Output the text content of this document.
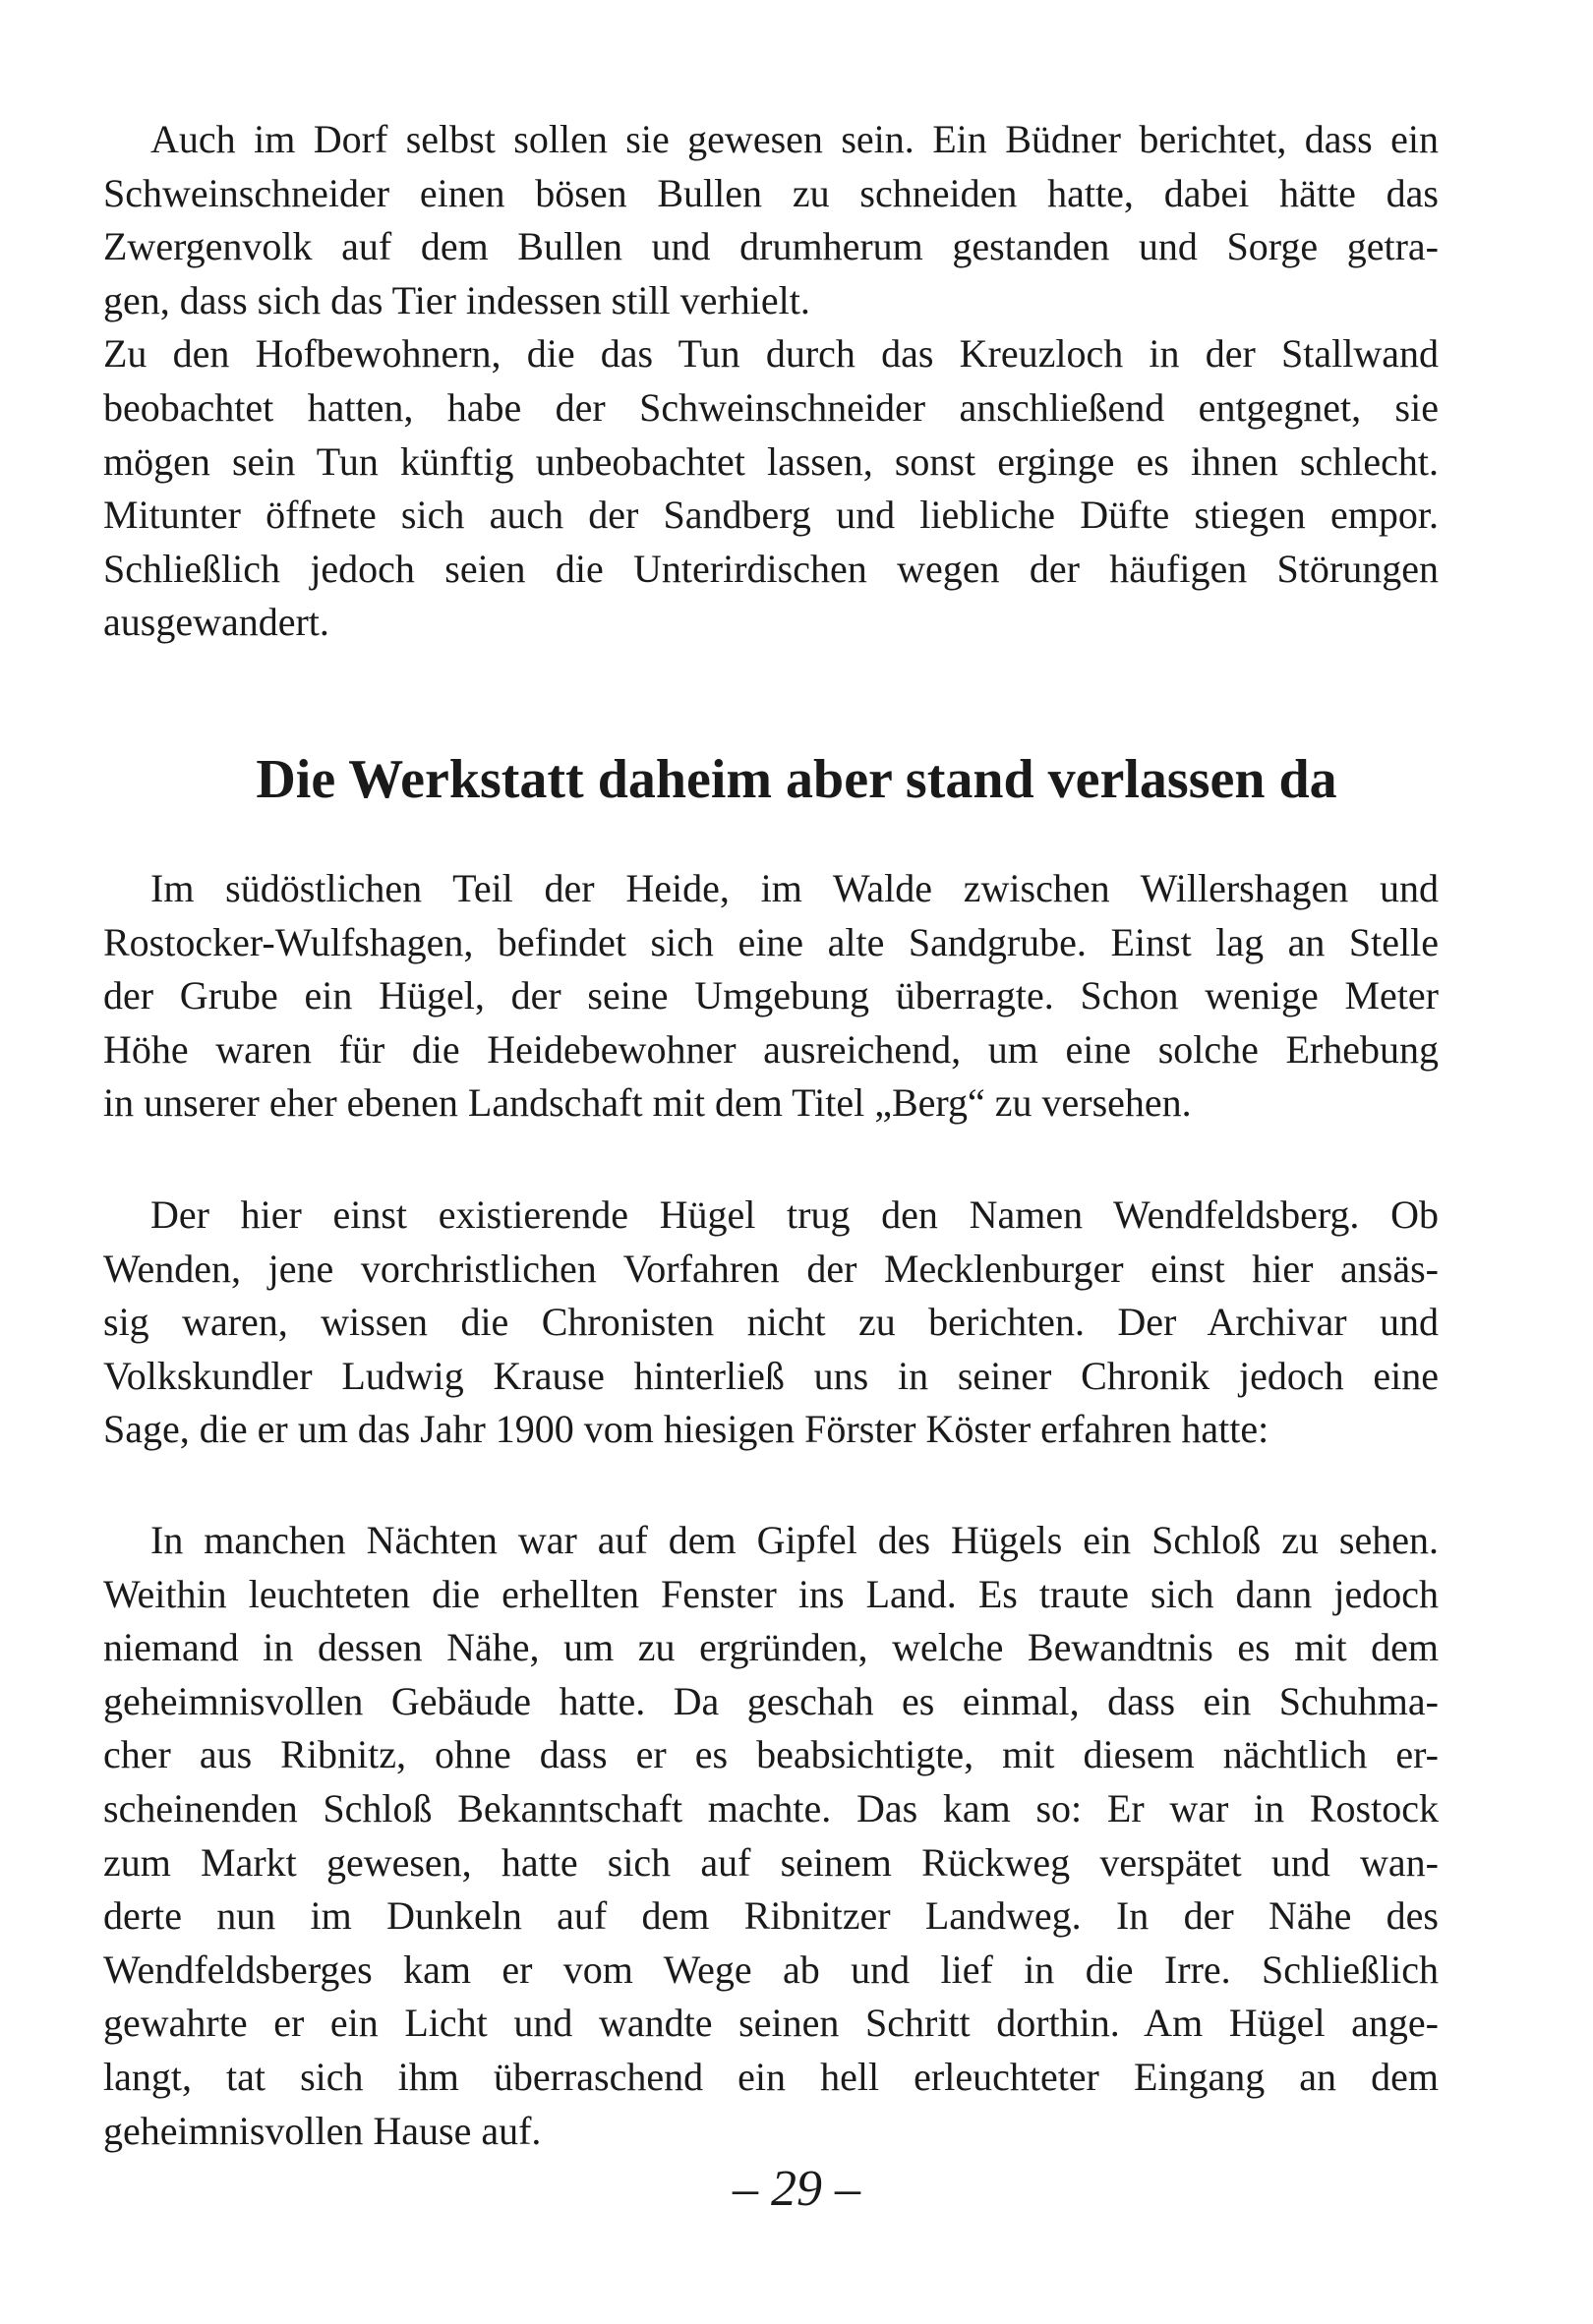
Auch im Dorf selbst sollen sie gewesen sein. Ein Büdner berichtet, dass ein
Schweinschneider einen bösen Bullen zu schneiden hatte, dabei hätte das
Zwergenvolk auf dem Bullen und drumherum gestanden und Sorge getra-
gen, dass sich das Tier indessen still verhielt.
Zu den Hofbewohnern, die das Tun durch das Kreuzloch in der Stallwand
beobachtet hatten, habe der Schweinschneider anschließend entgegnet, sie
mögen sein Tun künftig unbeobachtet lassen, sonst erginge es ihnen schlecht.
Mitunter öffnete sich auch der Sandberg und liebliche Düfte stiegen empor.
Schließlich jedoch seien die Unterirdischen wegen der häufigen Störungen
ausgewandert.
Die Werkstatt daheim aber stand verlassen da
Im südöstlichen Teil der Heide, im Walde zwischen Willershagen und
Rostocker-Wulfshagen, befindet sich eine alte Sandgrube. Einst lag an Stelle
der Grube ein Hügel, der seine Umgebung überragte. Schon wenige Meter
Höhe waren für die Heidebewohner ausreichend, um eine solche Erhebung
in unserer eher ebenen Landschaft mit dem Titel „Berg“ zu versehen.
Der hier einst existierende Hügel trug den Namen Wendfeldsberg. Ob
Wenden, jene vorchristlichen Vorfahren der Mecklenburger einst hier ansäs-
sig waren, wissen die Chronisten nicht zu berichten. Der Archivar und
Volkskundler Ludwig Krause hinterließ uns in seiner Chronik jedoch eine
Sage, die er um das Jahr 1900 vom hiesigen Förster Köster erfahren hatte:
In manchen Nächten war auf dem Gipfel des Hügels ein Schloß zu sehen.
Weithin leuchteten die erhellten Fenster ins Land. Es traute sich dann jedoch
niemand in dessen Nähe, um zu ergründen, welche Bewandtnis es mit dem
geheimnisvollen Gebäude hatte. Da geschah es einmal, dass ein Schuhma-
cher aus Ribnitz, ohne dass er es beabsichtigte, mit diesem nächtlich er-
scheinenden Schloß Bekanntschaft machte. Das kam so: Er war in Rostock
zum Markt gewesen, hatte sich auf seinem Rückweg verspätet und wan-
derte nun im Dunkeln auf dem Ribnitzer Landweg. In der Nähe des
Wendfeldsberges kam er vom Wege ab und lief in die Irre. Schließlich
gewahrte er ein Licht und wandte seinen Schritt dorthin. Am Hügel ange-
langt, tat sich ihm überraschend ein hell erleuchteter Eingang an dem
geheimnisvollen Hause auf.
– 29 –
